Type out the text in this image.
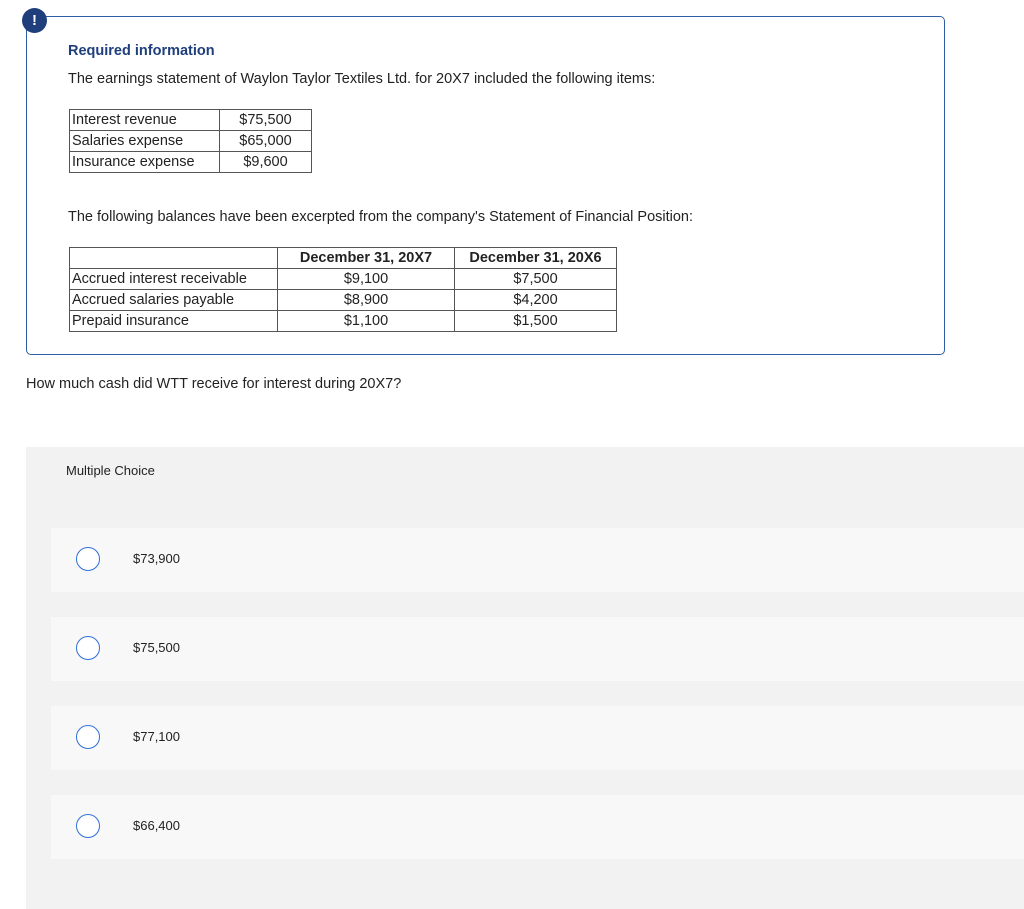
!
Required information
The earnings statement of Waylon Taylor Textiles Ltd. for 20X7 included the following items:
Interest revenue	$75,500
Salaries expense	$65,000
Insurance expense	$9,600
The following balances have been excerpted from the company's Statement of Financial Position:
	December 31, 20X7	December 31, 20X6
Accrued interest receivable	$9,100	$7,500
Accrued salaries payable	$8,900	$4,200
Prepaid insurance	$1,100	$1,500
How much cash did WTT receive for interest during 20X7?
Multiple Choice
$73,900
$75,500
$77,100
$66,400
